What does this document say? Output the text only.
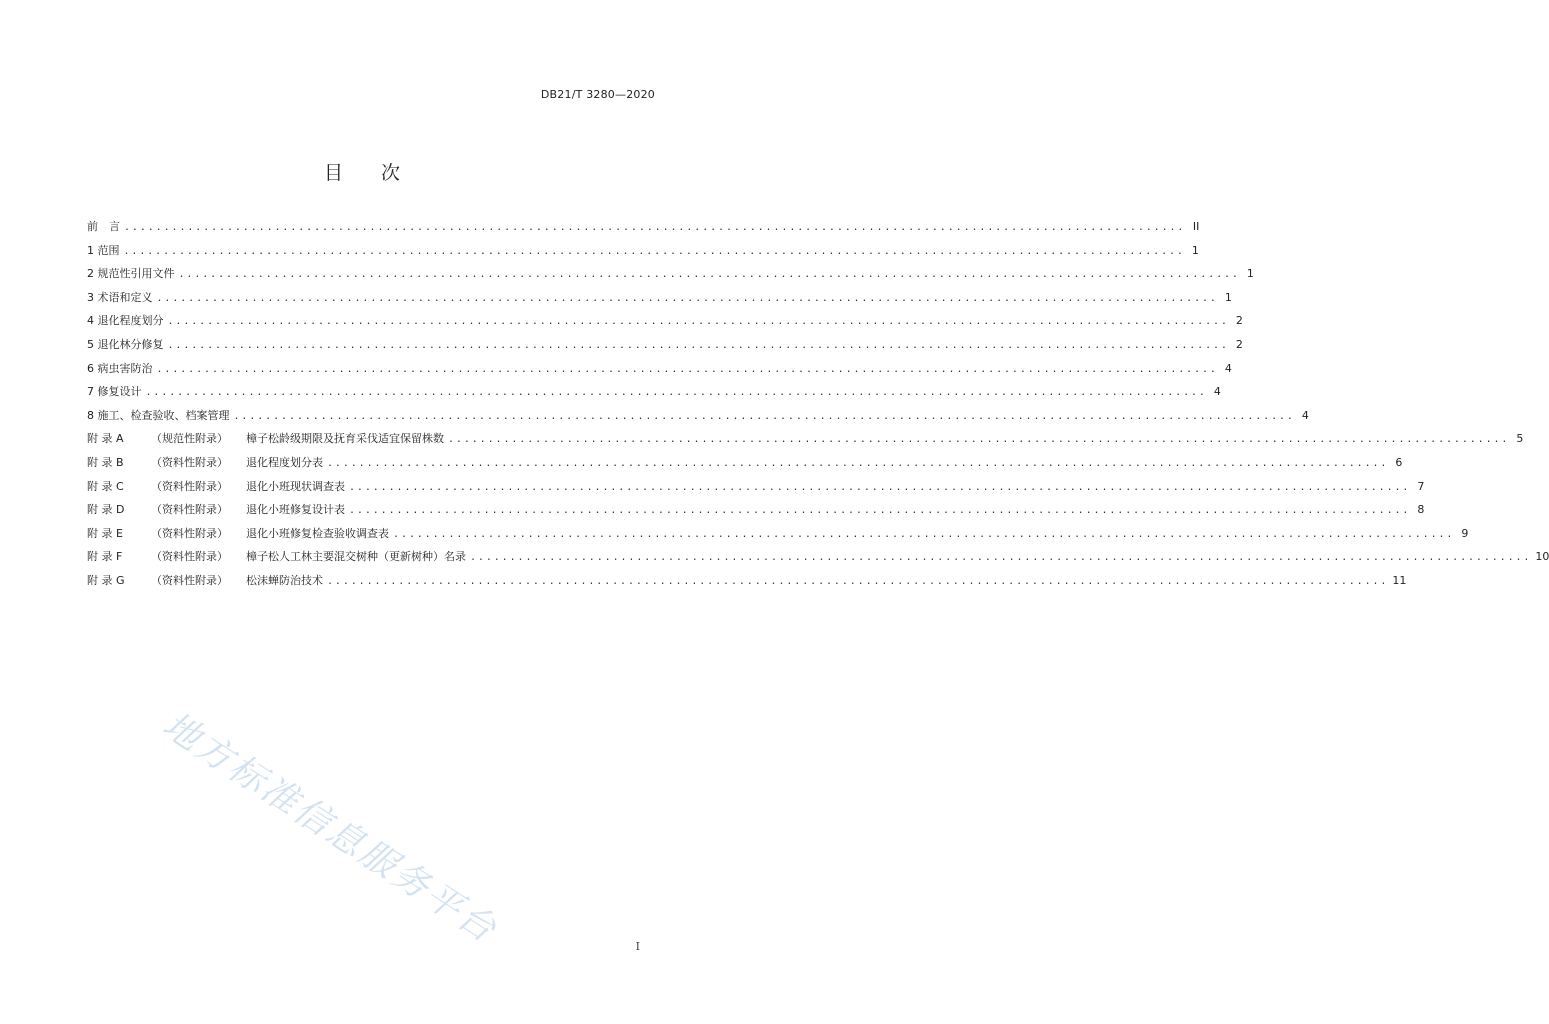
DB21/T 3280—2020
目 次
前　言 ...................................................................................................................................... II
1 范围 ...................................................................................................................................... 1
2 规范性引用文件 ...................................................................................................................................... 1
3 术语和定义 ...................................................................................................................................... 1
4 退化程度划分 ...................................................................................................................................... 2
5 退化林分修复 ...................................................................................................................................... 2
6 病虫害防治 ...................................................................................................................................... 4
7 修复设计 ...................................................................................................................................... 4
8 施工、检查验收、档案管理 ...................................................................................................................................... 4
附 录 A （规范性附录） 樟子松龄级期限及抚育采伐适宜保留株数 ...................................................................................................................................... 5
附 录 B （资料性附录） 退化程度划分表 ...................................................................................................................................... 6
附 录 C （资料性附录） 退化小班现状调查表 ...................................................................................................................................... 7
附 录 D （资料性附录） 退化小班修复设计表 ...................................................................................................................................... 8
附 录 E	（资料性附录） 退化小班修复检查验收调查表 ...................................................................................................................................... 9
附 录 F	（资料性附录） 樟子松人工林主要混交树种（更新树种）名录 ...................................................................................................................................... 10
附 录 G （资料性附录） 松沫蝉防治技术 ...................................................................................................................................... 11
地方标准信息服务平台	I
